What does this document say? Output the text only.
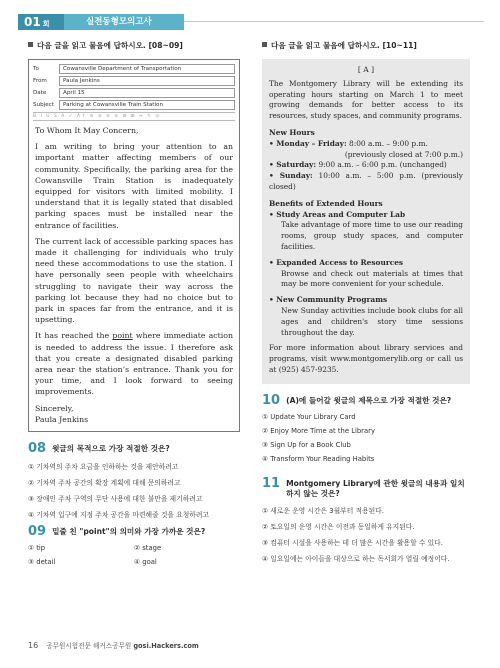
01 회	실전동형모의고사
다음 글을 읽고 물음에 답하시오. [08~09]
To	Cowansville Department of Transportation
From	Paula Jenkins
Date	April 15
Subject	Parking at Cowansville Train Station
B I U S A ✓ A↑ ≡ ≡ ≡ ≡ ⊟ ⊞ ↔ ✎ ◎

To Whom It May Concern,

I am writing to bring your attention to an important matter affecting members of our community. Specifically, the parking area for the Cowansville Train Station is inadequately equipped for visitors with limited mobility. I understand that it is legally stated that disabled parking spaces must be installed near the entrance of facilities.

The current lack of accessible parking spaces has made it challenging for individuals who truly need these accommodations to use the station. I have personally seen people with wheelchairs struggling to navigate their way across the parking lot because they had no choice but to park in spaces far from the entrance, and it is upsetting.

It has reached the point where immediate action is needed to address the issue. I therefore ask that you create a designated disabled parking area near the station’s entrance. Thank you for your time, and I look forward to seeing improvements.

Sincerely,
Paula Jenkins

08 윗글의 목적으로 가장 적절한 것은?
① 기차역의 주차 요금을 인하하는 것을 제안하려고
② 기차역 주차 공간의 확장 계획에 대해 문의하려고
③ 장애인 주차 구역의 무단 사용에 대한 불만을 제기하려고
④ 기차역 입구에 지정 주차 공간을 마련해줄 것을 요청하려고
09 밑줄 친 "point"의 의미와 가장 가까운 것은?
① tip	② stage
③ detail	④ goal
다음 글을 읽고 물음에 답하시오. [10~11]
[ A ]

The Montgomery Library will be extending its operating hours starting on March 1 to meet growing demands for better access to its resources, study spaces, and community programs.

New Hours
• Monday – Friday: 8:00 a.m. – 9:00 p.m.
(previously closed at 7:00 p.m.)
• Saturday: 9:00 a.m. – 6:00 p.m. (unchanged)
• Sunday: 10:00 a.m. – 5:00 p.m. (previously closed)
Benefits of Extended Hours
• Study Areas and Computer Lab

Take advantage of more time to use our reading rooms, group study spaces, and computer facilities.

• Expanded Access to Resources

Browse and check out materials at times that may be more convenient for your schedule.

• New Community Programs

New Sunday activities include book clubs for all ages and children's story time sessions throughout the day.

For more information about library services and programs, visit www.montgomerylib.org or call us at (925) 457-9235.

10 (A)에 들어갈 윗글의 제목으로 가장 적절한 것은?
① Update Your Library Card
② Enjoy More Time at the Library
③ Sign Up for a Book Club
④ Transform Your Reading Habits
11 Montgomery Library에 관한 윗글의 내용과 일치하지 않는 것은?
① 새로운 운영 시간은 3월부터 적용된다.
② 토요일의 운영 시간은 이전과 동일하게 유지된다.
③ 컴퓨터 시설을 사용하는 데 더 많은 시간을 활용할 수 있다.
④ 일요일에는 아이들을 대상으로 하는 독서회가 열릴 예정이다.
16 공무원시험전문 해커스공무원 gosi.Hackers.com
